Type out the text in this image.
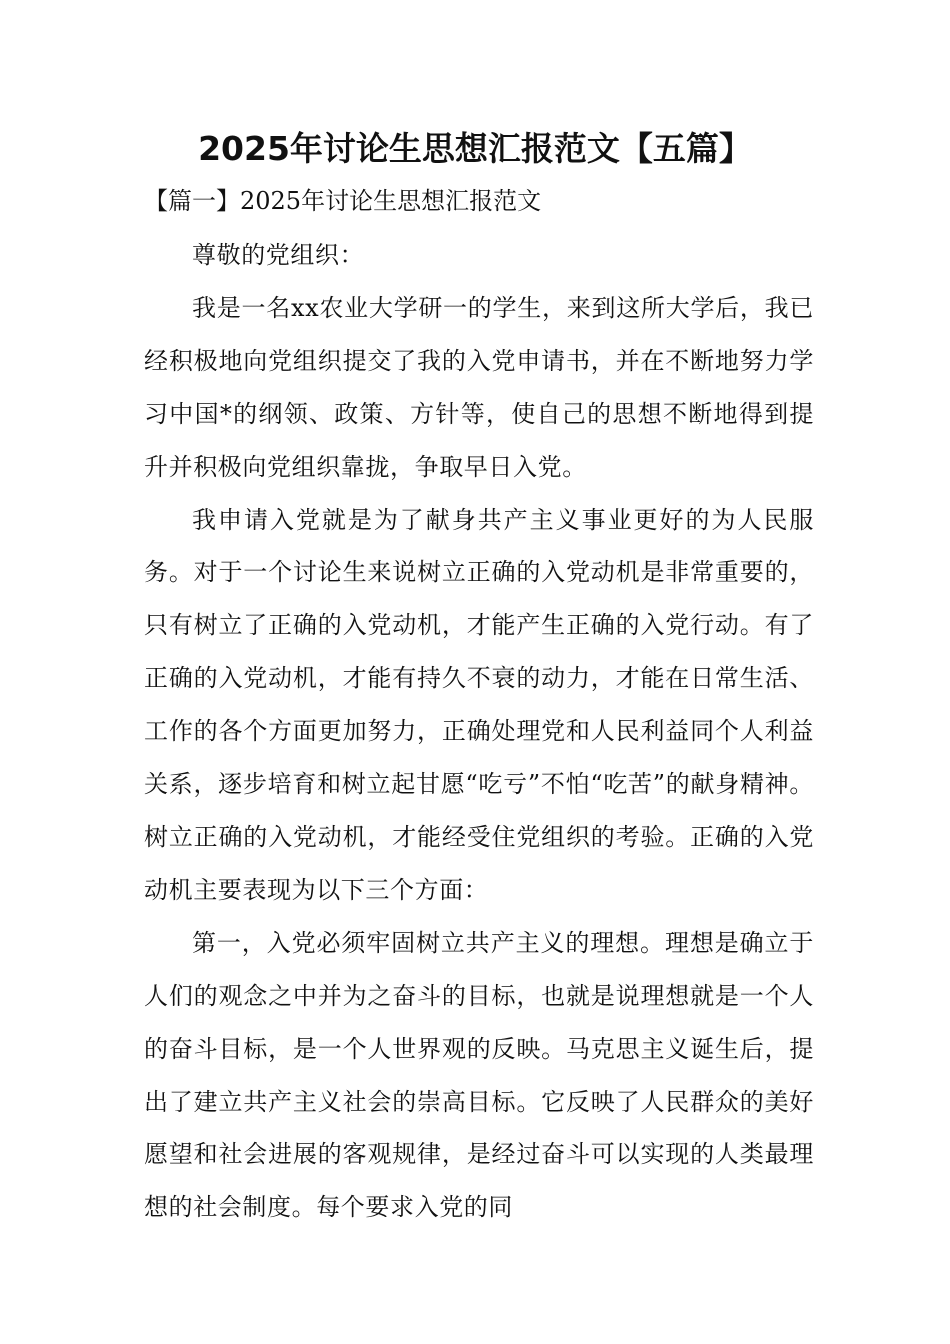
2025年讨论生思想汇报范文【五篇】
【篇一】2025年讨论生思想汇报范文

尊敬的党组织：

我是一名xx农业大学研一的学生，来到这所大学后，我已经积极地向党组织提交了我的入党申请书，并在不断地努力学习中国*的纲领、政策、方针等，使自己的思想不断地得到提升并积极向党组织靠拢，争取早日入党。

我申请入党就是为了献身共产主义事业更好的为人民服务。对于一个讨论生来说树立正确的入党动机是非常重要的，只有树立了正确的入党动机，才能产生正确的入党行动。有了正确的入党动机，才能有持久不衰的动力，才能在日常生活、工作的各个方面更加努力，正确处理党和人民利益同个人利益关系，逐步培育和树立起甘愿“吃亏”不怕“吃苦”的献身精神。树立正确的入党动机，才能经受住党组织的考验。正确的入党动机主要表现为以下三个方面：

第一，入党必须牢固树立共产主义的理想。理想是确立于人们的观念之中并为之奋斗的目标，也就是说理想就是一个人的奋斗目标，是一个人世界观的反映。马克思主义诞生后，提出了建立共产主义社会的崇高目标。它反映了人民群众的美好愿望和社会进展的客观规律，是经过奋斗可以实现的人类最理想的社会制度。每个要求入党的同
